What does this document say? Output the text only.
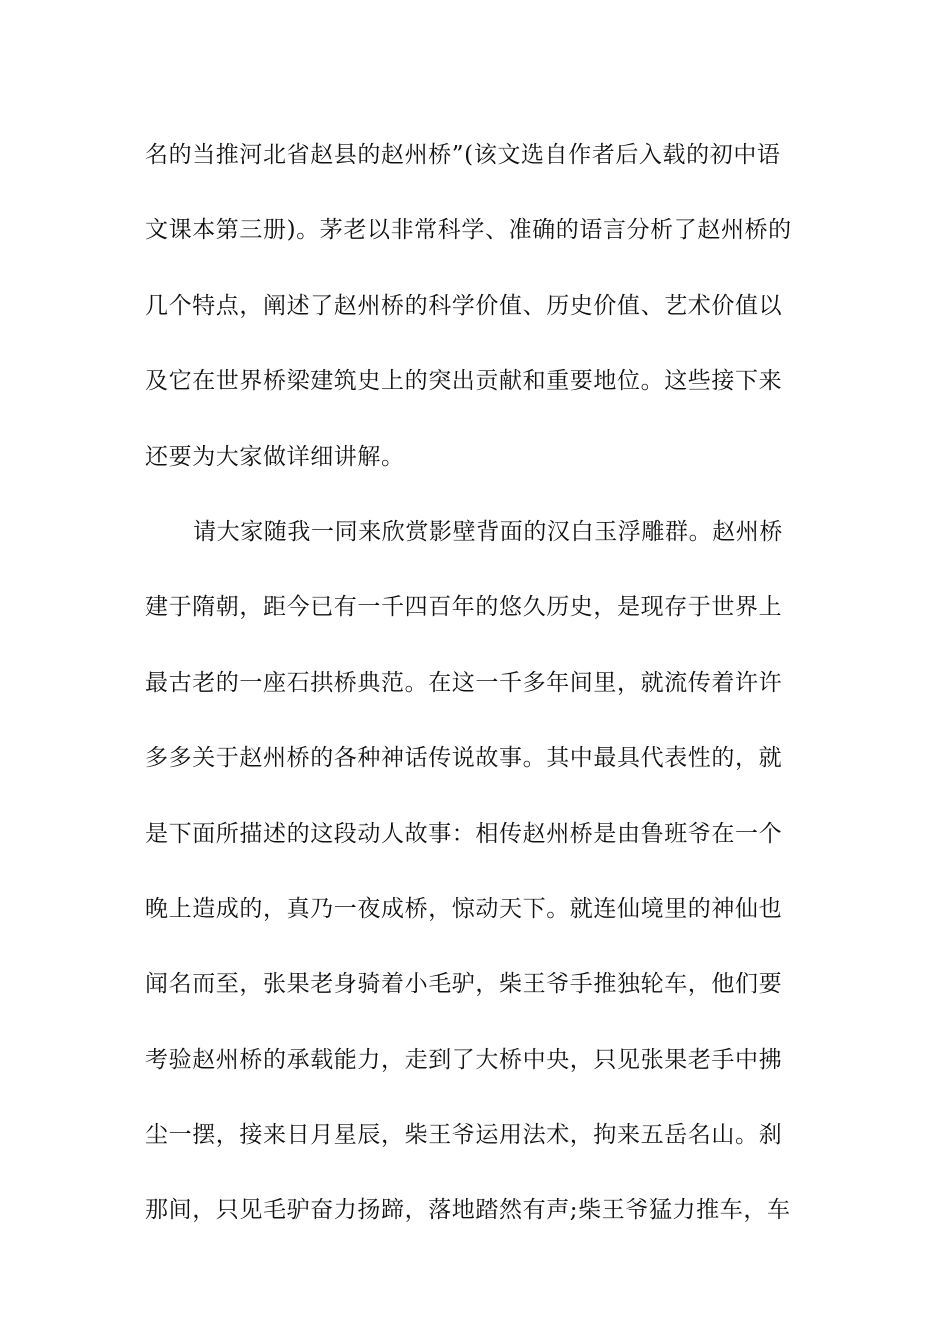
名的当推河北省赵县的赵州桥”(该文选自作者后入载的初中语
文课本第三册)。茅老以非常科学、准确的语言分析了赵州桥的
几个特点，阐述了赵州桥的科学价值、历史价值、艺术价值以
及它在世界桥梁建筑史上的突出贡献和重要地位。这些接下来
还要为大家做详细讲解。
请大家随我一同来欣赏影壁背面的汉白玉浮雕群。赵州桥
建于隋朝，距今已有一千四百年的悠久历史，是现存于世界上
最古老的一座石拱桥典范。在这一千多年间里，就流传着许许
多多关于赵州桥的各种神话传说故事。其中最具代表性的，就
是下面所描述的这段动人故事：相传赵州桥是由鲁班爷在一个
晚上造成的，真乃一夜成桥，惊动天下。就连仙境里的神仙也
闻名而至，张果老身骑着小毛驴，柴王爷手推独轮车，他们要
考验赵州桥的承载能力，走到了大桥中央，只见张果老手中拂
尘一摆，接来日月星辰，柴王爷运用法术，拘来五岳名山。刹
那间，只见毛驴奋力扬蹄，落地踏然有声;柴王爷猛力推车，车
